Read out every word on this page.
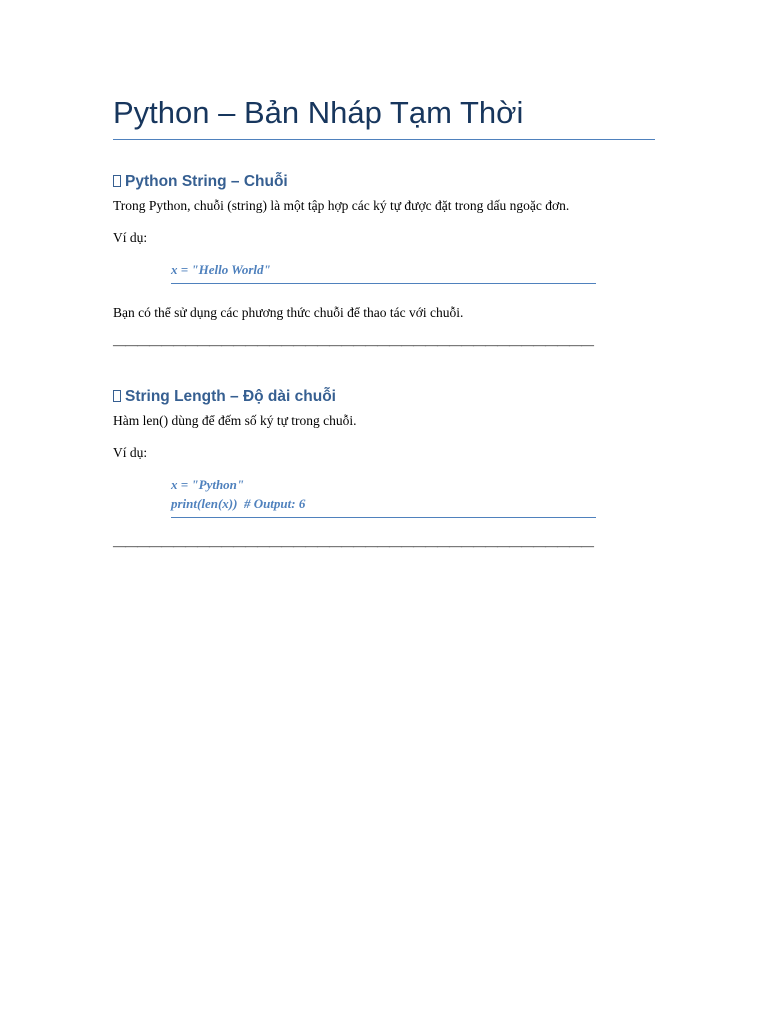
Python – Bản Nháp Tạm Thời
Python String – Chuỗi
Trong Python, chuỗi (string) là một tập hợp các ký tự được đặt trong dấu ngoặc đơn.
Ví dụ:
x = "Hello World"
Bạn có thể sử dụng các phương thức chuỗi để thao tác với chuỗi.
————————————————————————————————————————
String Length – Độ dài chuỗi
Hàm len() dùng để đếm số ký tự trong chuỗi.
Ví dụ:
x = "Python"
print(len(x))  # Output: 6
————————————————————————————————————————
